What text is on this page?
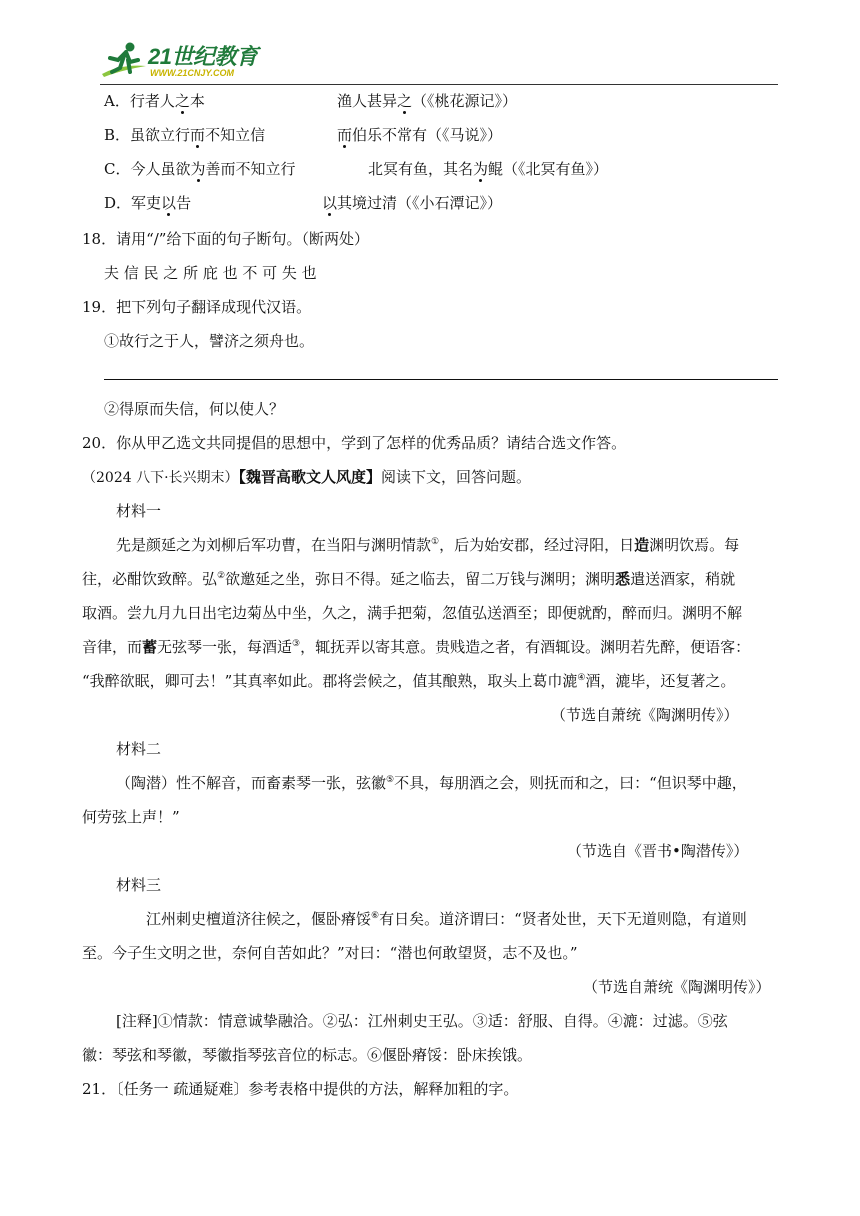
21世纪教育
WWW.21CNJY.COM
A．行者人之本	渔人甚异之（《桃花源记》）
B．虽欲立行而不知立信	而伯乐不常有（《马说》）
C．今人虽欲为善而不知立行	北冥有鱼，其名为鲲（《北冥有鱼》）
D．军吏以告	以其境过清（《小石潭记》）
18．请用“/”给下面的句子断句。（断两处）
夫 信 民 之 所 庇 也 不 可 失 也
19．把下列句子翻译成现代汉语。
①故行之于人，譬济之须舟也。
②得原而失信，何以使人？
20．你从甲乙选文共同提倡的思想中，学到了怎样的优秀品质？请结合选文作答。
（2024 八下·长兴期末）【魏晋高歌文人风度】阅读下文，回答问题。
材料一
先是颜延之为刘柳后军功曹，在当阳与渊明情款①，后为始安郡，经过浔阳，日造渊明饮焉。每
往，必酣饮致醉。弘②欲邀延之坐，弥日不得。延之临去，留二万钱与渊明；渊明悉遣送酒家，稍就
取酒。尝九月九日出宅边菊丛中坐，久之，满手把菊，忽值弘送酒至；即便就酌，醉而归。渊明不解
音律，而蓄无弦琴一张，每酒适③，辄抚弄以寄其意。贵贱造之者，有酒辄设。渊明若先醉，便语客：
“我醉欲眠，卿可去！”其真率如此。郡将尝候之，值其酿熟，取头上葛巾漉④酒，漉毕，还复著之。
（节选自萧统《陶渊明传》）
材料二
（陶潜）性不解音，而畜素琴一张，弦徽⑤不具，每朋酒之会，则抚而和之，曰：“但识琴中趣，
何劳弦上声！”
（节选自《晋书•陶潜传》）
材料三
江州刺史檀道济往候之，偃卧瘠馁⑥有日矣。道济谓曰：“贤者处世，天下无道则隐，有道则
至。今子生文明之世，奈何自苦如此？”对曰：“潜也何敢望贤，志不及也。”
（节选自萧统《陶渊明传》）
[注释]①情款：情意诚挚融洽。②弘：江州刺史王弘。③适：舒服、自得。④漉：过滤。⑤弦
徽：琴弦和琴徽，琴徽指琴弦音位的标志。⑥偃卧瘠馁：卧床挨饿。
21．〔任务一 疏通疑难〕参考表格中提供的方法，解释加粗的字。
